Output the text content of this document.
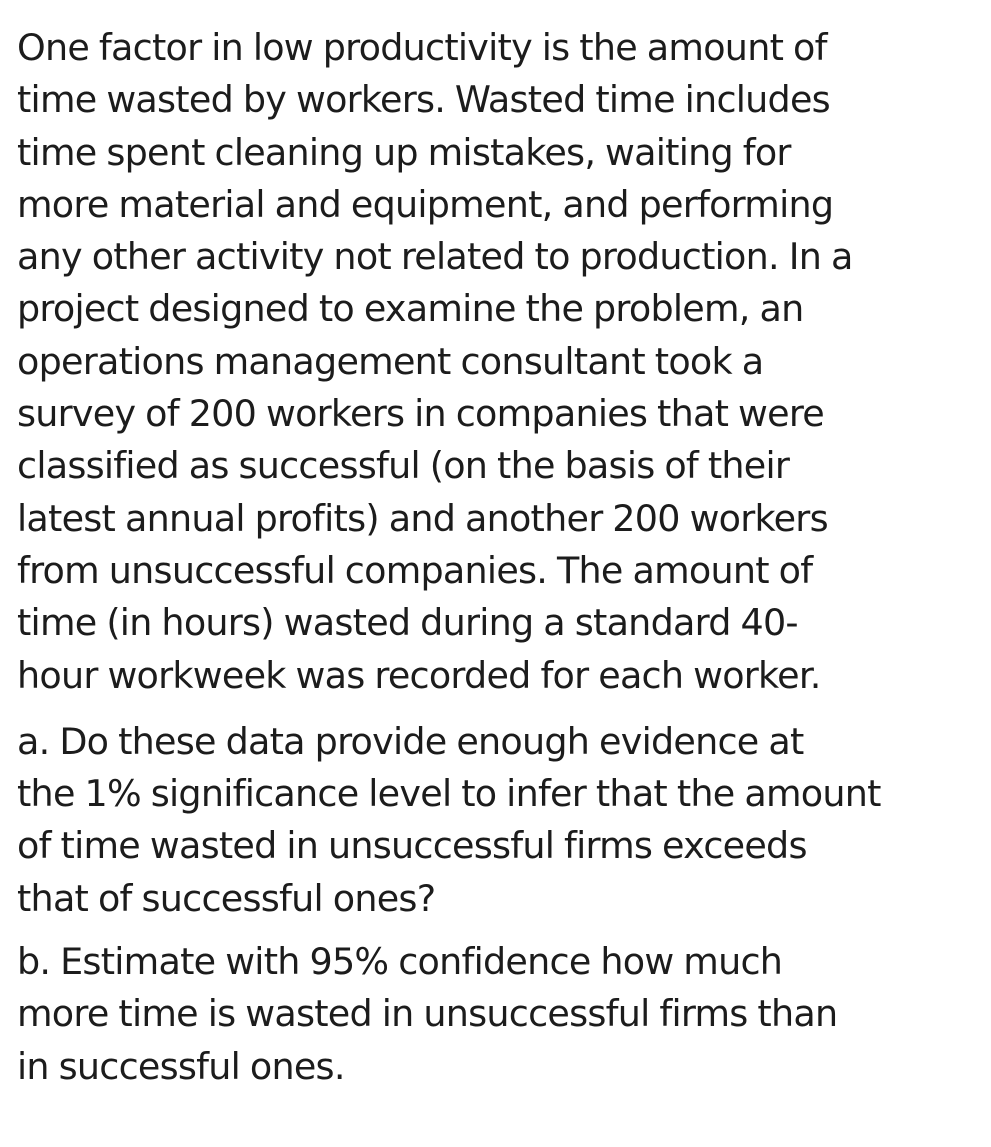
One factor in low productivity is the amount of
time wasted by workers. Wasted time includes
time spent cleaning up mistakes, waiting for
more material and equipment, and performing
any other activity not related to production. In a
project designed to examine the problem, an
operations management consultant took a
survey of 200 workers in companies that were
classified as successful (on the basis of their
latest annual profits) and another 200 workers
from unsuccessful companies. The amount of
time (in hours) wasted during a standard 40-
hour workweek was recorded for each worker.
a. Do these data provide enough evidence at
the 1% significance level to infer that the amount
of time wasted in unsuccessful firms exceeds
that of successful ones?
b. Estimate with 95% confidence how much
more time is wasted in unsuccessful firms than
in successful ones.
